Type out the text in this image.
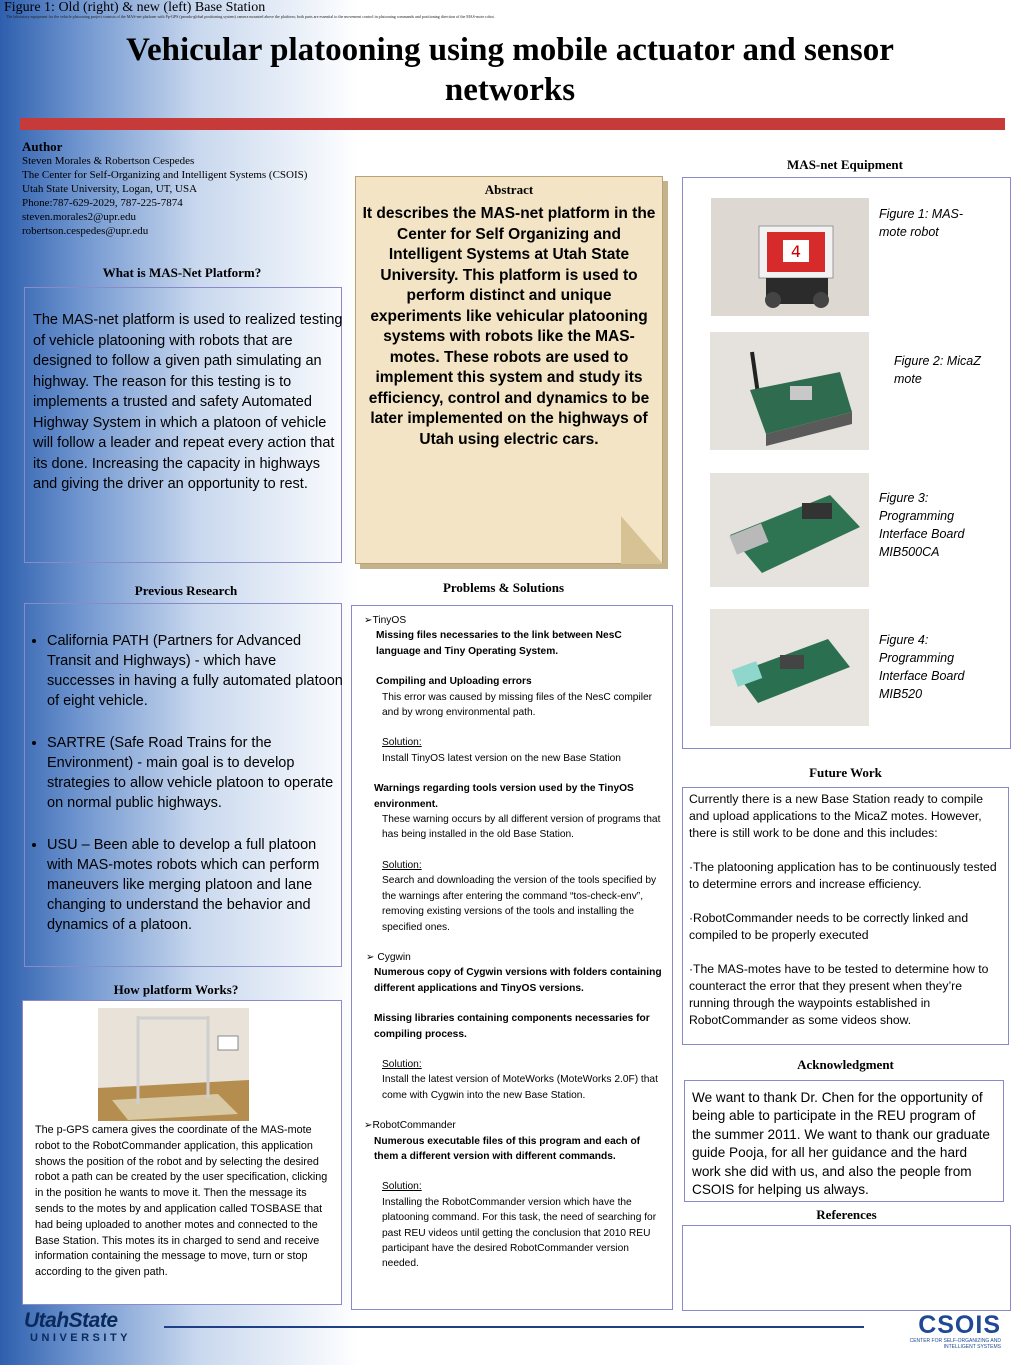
Figure 1: Old (right) & new (left) Base Station
The laboratory equipment for the vehicle platooning project consists of the MAS-net platform with Pp-GPS (pseudo-global positioning system) camera mounted above the platform; both parts are essential to the movement control in platooning commands and positioning direction of the MAS-mote robot.
Vehicular platooning using mobile actuator and sensor networks
Author
Steven Morales & Robertson Cespedes
The Center for Self-Organizing and Intelligent Systems (CSOIS)
Utah State University, Logan, UT, USA
Phone:787-629-2029, 787-225-7874
steven.morales2@upr.edu
robertson.cespedes@upr.edu
What is MAS-Net Platform?
The MAS-net platform is used to realized testing of vehicle platooning with robots that are designed to follow a given path simulating an highway. The reason for this testing is to implements a trusted and safety Automated Highway System in which a platoon of vehicle will follow a leader and repeat every action that its done. Increasing the capacity in highways and giving the driver an opportunity to rest.
Abstract
It describes the MAS-net platform in the Center for Self Organizing and Intelligent Systems at Utah State University. This platform is used to perform distinct and unique experiments like vehicular platooning systems with robots like the MAS-motes. These robots are used to implement this system and study its efficiency, control and dynamics to be later implemented on the highways of Utah using electric cars.
MAS-net Equipment
4
Figure 1: MAS-mote robot
Figure 2: MicaZ mote
Figure 3: Programming Interface Board MIB500CA
Figure 4: Programming Interface Board MIB520
Previous Research
• California PATH (Partners for Advanced Transit and Highways) - which have successes in having a fully automated platoon of eight vehicle.
• SARTRE (Safe Road Trains for the Environment) - main goal is to develop strategies to allow vehicle platoon to operate on normal public highways.
• USU – Been able to develop a full platoon with MAS-motes robots which can perform maneuvers like merging platoon and lane changing to understand the behavior and dynamics of a platoon.
How platform Works?
The p-GPS camera gives the coordinate of the MAS-mote robot to the RobotCommander application, this application shows the position of the robot and by selecting the desired robot a path can be created by the user specification, clicking in the position he wants to move it. Then the message its sends to the motes by and application called TOSBASE that had being uploaded to another motes and connected to the Base Station. This motes its in charged to send and receive information containing the message to move, turn or stop according to the given path.
Problems & Solutions

➢TinyOS

Missing files necessaries to the link between NesC language and Tiny Operating System.

Compiling and Uploading errors

This error was caused by missing files of the NesC compiler and by wrong environmental path.

Solution:

Install TinyOS latest version on the new Base Station

Warnings regarding tools version used by the TinyOS environment.

These warning occurs by all different version of programs that has being installed in the old Base Station.

Solution:

Search and downloading the version of the tools specified by the warnings after entering the command “tos-check-env”, removing existing versions of the tools and installing the specified ones.

➢ Cygwin

Numerous copy of Cygwin versions with folders containing different applications and TinyOS versions.

Missing libraries containing components necessaries for compiling process.

Solution:

Install the latest version of MoteWorks (MoteWorks 2.0F) that come with Cygwin into the new Base Station.

➢RobotCommander

Numerous executable files of this program and each of them a different version with different commands.

Solution:

Installing the RobotCommander version which have the platooning command. For this task, the need of searching for past REU videos until getting the conclusion that 2010 REU participant have the desired RobotCommander version needed.

Future Work

Currently there is a new Base Station ready to compile and upload applications to the MicaZ motes. However, there is still work to be done and this includes:

·The platooning application has to be continuously tested to determine errors and increase efficiency.

·RobotCommander needs to be correctly linked and compiled to be properly executed

·The MAS-motes have to be tested to determine how to counteract the error that they present when they’re running through the waypoints established in RobotCommander as some videos show.

Acknowledgment
We want to thank Dr. Chen for the opportunity of being able to participate in the REU program of the summer 2011. We want to thank our graduate guide Pooja, for all her guidance and the hard work she did with us, and also the people from CSOIS for helping us always.
References
UtahState
UNIVERSITY	CSOIS
CENTER FOR SELF-ORGANIZING AND INTELLIGENT SYSTEMS
